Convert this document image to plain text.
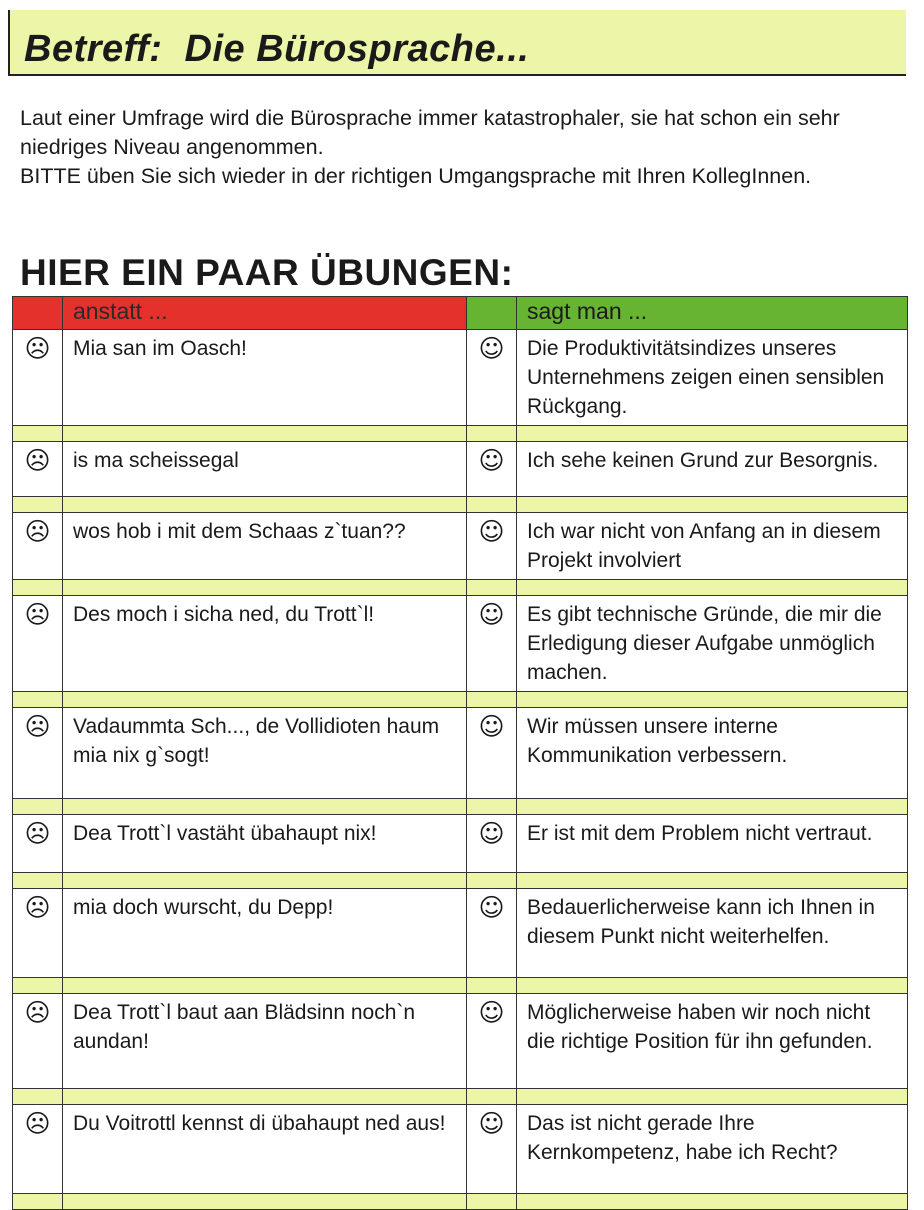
Betreff:  Die Bürosprache...

Laut einer Umfrage wird die Bürosprache immer katastrophaler, sie hat schon ein sehr niedriges Niveau angenommen.

BITTE üben Sie sich wieder in der richtigen Umgangsprache mit Ihren KollegInnen.

HIER EIN PAAR ÜBUNGEN:
	anstatt ...		sagt man ...
☹	Mia san im Oasch!	☺	Die Produktivitätsindizes unseres Unternehmens zeigen einen sensiblen Rückgang.

☹	is ma scheissegal	☺	Ich sehe keinen Grund zur Besorgnis.

☹	wos hob i mit dem Schaas z`tuan??	☺	Ich war nicht von Anfang an in diesem Projekt involviert

☹	Des moch i sicha ned, du Trott`l!	☺	Es gibt technische Gründe, die mir die Erledigung dieser Aufgabe unmöglich machen.

☹	Vadaummta Sch..., de Vollidioten haum mia nix g`sogt!	☺	Wir müssen unsere interne Kommunikation verbessern.

☹	Dea Trott`l vastäht übahaupt nix!	☺	Er ist mit dem Problem nicht vertraut.

☹	mia doch wurscht, du Depp!	☺	Bedauerlicherweise kann ich Ihnen in diesem Punkt nicht weiterhelfen.

☹	Dea Trott`l baut aan Blädsinn noch`n aundan!	☺	Möglicherweise haben wir noch nicht die richtige Position für ihn gefunden.

☹	Du Voitrottl kennst di übahaupt ned aus!	☺	Das ist nicht gerade Ihre Kernkompetenz, habe ich Recht?
